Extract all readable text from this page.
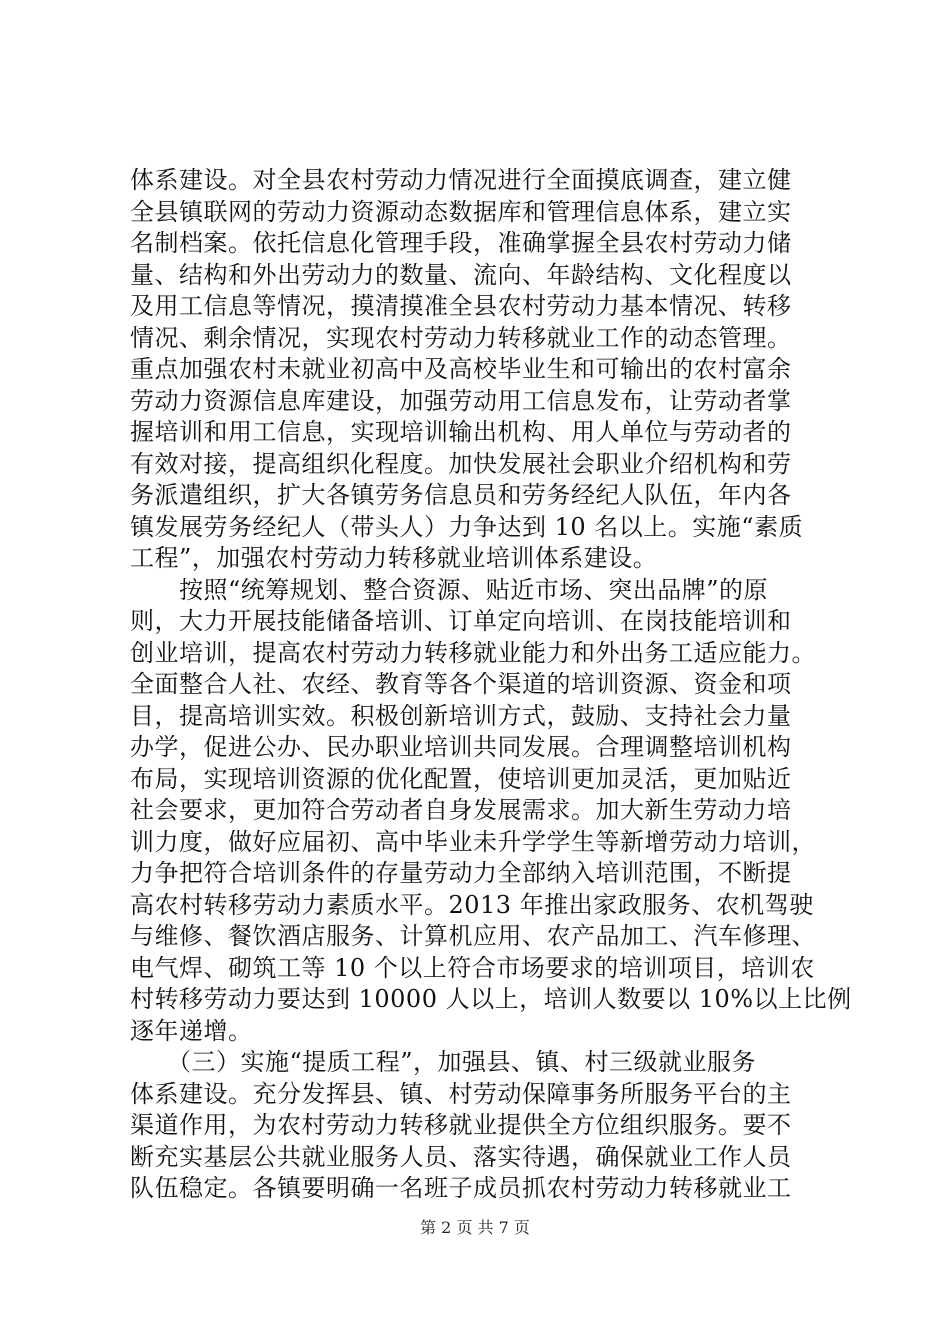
体系建设。对全县农村劳动力情况进行全面摸底调查，建立健
全县镇联网的劳动力资源动态数据库和管理信息体系，建立实
名制档案。依托信息化管理手段，准确掌握全县农村劳动力储
量、结构和外出劳动力的数量、流向、年龄结构、文化程度以
及用工信息等情况，摸清摸准全县农村劳动力基本情况、转移
情况、剩余情况，实现农村劳动力转移就业工作的动态管理。
重点加强农村未就业初高中及高校毕业生和可输出的农村富余
劳动力资源信息库建设，加强劳动用工信息发布，让劳动者掌
握培训和用工信息，实现培训输出机构、用人单位与劳动者的
有效对接，提高组织化程度。加快发展社会职业介绍机构和劳
务派遣组织，扩大各镇劳务信息员和劳务经纪人队伍，年内各
镇发展劳务经纪人（带头人）力争达到 10 名以上。实施“素质
工程”，加强农村劳动力转移就业培训体系建设。
　　按照“统筹规划、整合资源、贴近市场、突出品牌”的原
则，大力开展技能储备培训、订单定向培训、在岗技能培训和
创业培训，提高农村劳动力转移就业能力和外出务工适应能力。
全面整合人社、农经、教育等各个渠道的培训资源、资金和项
目，提高培训实效。积极创新培训方式，鼓励、支持社会力量
办学，促进公办、民办职业培训共同发展。合理调整培训机构
布局，实现培训资源的优化配置，使培训更加灵活，更加贴近
社会要求，更加符合劳动者自身发展需求。加大新生劳动力培
训力度，做好应届初、高中毕业未升学学生等新增劳动力培训，
力争把符合培训条件的存量劳动力全部纳入培训范围，不断提
高农村转移劳动力素质水平。2013 年推出家政服务、农机驾驶
与维修、餐饮酒店服务、计算机应用、农产品加工、汽车修理、
电气焊、砌筑工等 10 个以上符合市场要求的培训项目，培训农
村转移劳动力要达到 10000 人以上，培训人数要以 10%以上比例
逐年递增。
　　（三）实施“提质工程”，加强县、镇、村三级就业服务
体系建设。充分发挥县、镇、村劳动保障事务所服务平台的主
渠道作用，为农村劳动力转移就业提供全方位组织服务。要不
断充实基层公共就业服务人员、落实待遇，确保就业工作人员
队伍稳定。各镇要明确一名班子成员抓农村劳动力转移就业工
第 2 页 共 7 页
